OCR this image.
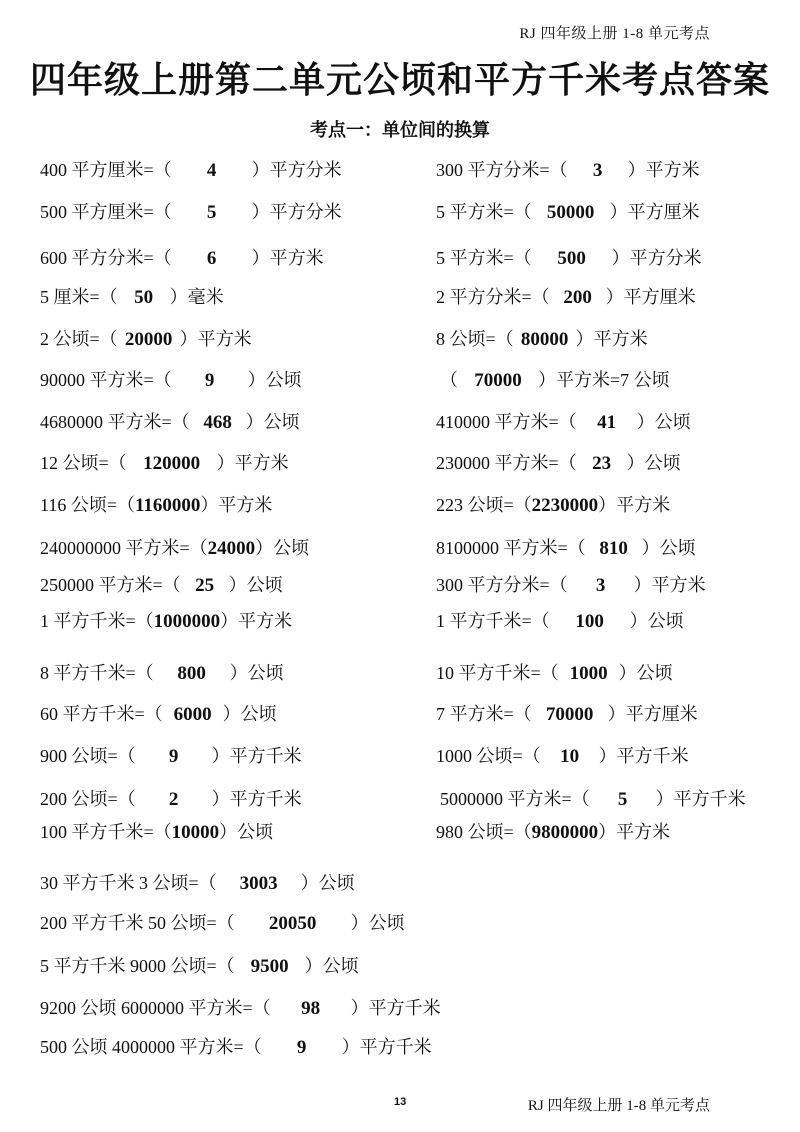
RJ 四年级上册 1-8 单元考点
四年级上册第二单元公顷和平方千米考点答案
考点一：单位间的换算
400 平方厘米=（ 4 ）平方分米	300 平方分米=（ 3 ）平方米
500 平方厘米=（ 5 ）平方分米	5 平方米=（ 50000 ）平方厘米
600 平方分米=（ 6 ）平方米	5 平方米=（ 500 ）平方分米
5 厘米=（ 50 ）毫米	2 平方分米=（ 200 ）平方厘米
2 公顷=（ 20000 ）平方米	8 公顷=（ 80000 ）平方米
90000 平方米=（ 9 ）公顷	（ 70000 ）平方米=7 公顷
4680000 平方米=（ 468 ）公顷	410000 平方米=（ 41 ）公顷
12 公顷=（ 120000 ）平方米	230000 平方米=（ 23 ）公顷
116 公顷=（1160000）平方米	223 公顷=（2230000）平方米
240000000 平方米=（24000）公顷	8100000 平方米=（ 810 ）公顷
250000 平方米=（ 25 ）公顷	300 平方分米=（ 3 ）平方米
1 平方千米=（1000000）平方米	1 平方千米=（ 100 ）公顷
8 平方千米=（ 800 ）公顷	10 平方千米=（ 1000 ）公顷
60 平方千米=（ 6000 ）公顷	7 平方米=（ 70000 ）平方厘米
900 公顷=（ 9 ）平方千米	1000 公顷=（ 10 ）平方千米
200 公顷=（ 2 ）平方千米	5000000 平方米=（ 5 ）平方千米
100 平方千米=（10000）公顷	980 公顷=（9800000）平方米
30 平方千米 3 公顷=（ 3003 ）公顷
200 平方千米 50 公顷=（ 20050 ）公顷
5 平方千米 9000 公顷=（ 9500 ）公顷
9200 公顷 6000000 平方米=（ 98 ）平方千米
500 公顷 4000000 平方米=（ 9 ）平方千米
13	RJ 四年级上册 1-8 单元考点
